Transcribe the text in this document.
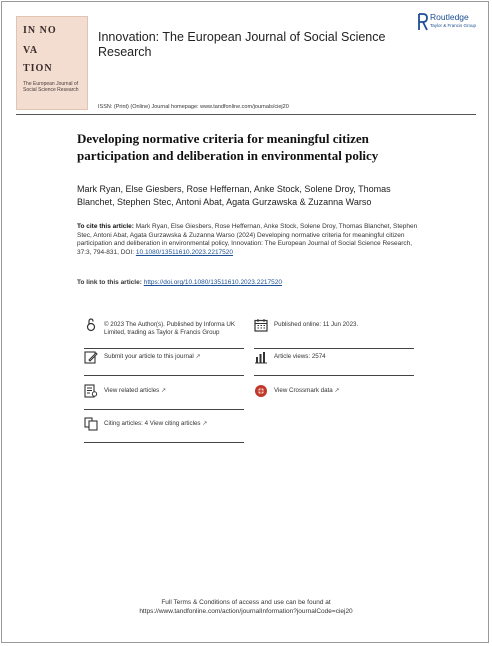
IN NO
VA
TION
The European Journal of Social Science Research
Innovation: The European Journal of Social Science Research
Routledge
Taylor & Francis Group
ISSN: (Print) (Online) Journal homepage: www.tandfonline.com/journals/ciej20
Developing normative criteria for meaningful citizen participation and deliberation in environmental policy
Mark Ryan, Else Giesbers, Rose Heffernan, Anke Stock, Solene Droy, Thomas Blanchet, Stephen Stec, Antoni Abat, Agata Gurzawska & Zuzanna Warso
To cite this article: Mark Ryan, Else Giesbers, Rose Heffernan, Anke Stock, Solene Droy, Thomas Blanchet, Stephen Stec, Antoni Abat, Agata Gurzawska & Zuzanna Warso (2024) Developing normative criteria for meaningful citizen participation and deliberation in environmental policy, Innovation: The European Journal of Social Science Research, 37:3, 794-831, DOI: 10.1080/13511610.2023.2217520
To link to this article: https://doi.org/10.1080/13511610.2023.2217520
© 2023 The Author(s). Published by Informa UK Limited, trading as Taylor & Francis Group
Published online: 11 Jun 2023.
Submit your article to this journal ↗	Article views: 2574
View related articles ↗	View Crossmark data ↗
Citing articles: 4 View citing articles ↗
Full Terms & Conditions of access and use can be found at
https://www.tandfonline.com/action/journalInformation?journalCode=ciej20
